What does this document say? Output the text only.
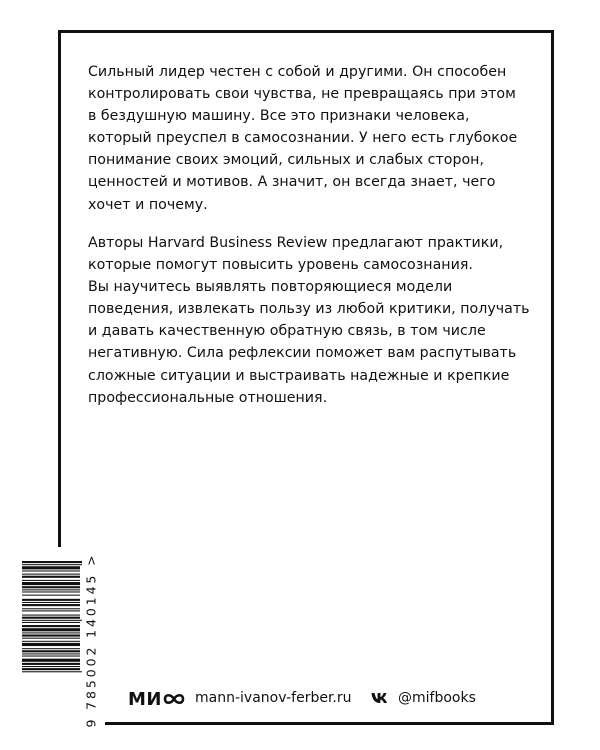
Сильный лидер честен с собой и другими. Он способен
контролировать свои чувства, не превращаясь при этом
в бездушную машину. Все это признаки человека,
который преуспел в самосознании. У него есть глубокое
понимание своих эмоций, сильных и слабых сторон,
ценностей и мотивов. А значит, он всегда знает, чего
хочет и почему.
Авторы Harvard Business Review предлагают практики,
которые помогут повысить уровень самосознания.
Вы научитесь выявлять повторяющиеся модели
поведения, извлекать пользу из любой критики, получать
и давать качественную обратную связь, в том числе
негативную. Сила рефлексии поможет вам распутывать
сложные ситуации и выстраивать надежные и крепкие
профессиональные отношения.
9 785002 140145 > МИ mann-ivanov-ferber.ru	@mifbooks
